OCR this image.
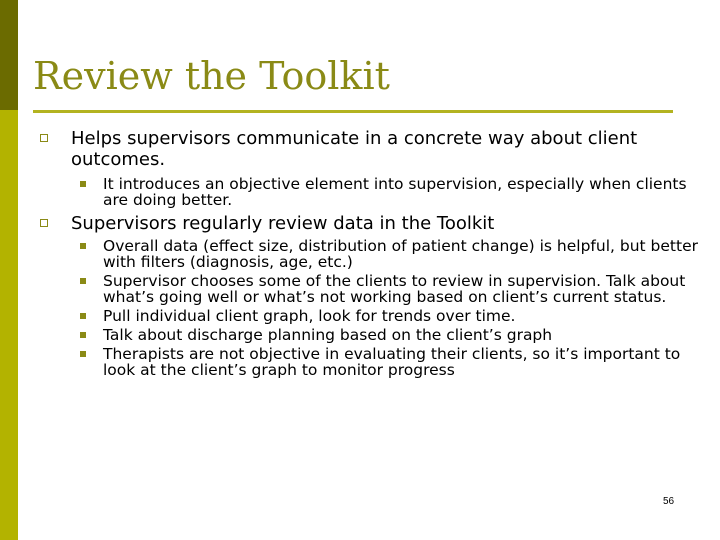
Review the Toolkit
Helps supervisors communicate in a concrete way about client outcomes.
It introduces an objective element into supervision, especially when clients are doing better.
Supervisors regularly review data in the Toolkit
Overall data (effect size, distribution of patient change) is helpful, but better with filters (diagnosis, age, etc.)
Supervisor chooses some of the clients to review in supervision. Talk about what’s going well or what’s not working based on client’s current status.
Pull individual client graph, look for trends over time.
Talk about discharge planning based on the client’s graph
Therapists are not objective in evaluating their clients, so it’s important to look at the client’s graph to monitor progress
56
